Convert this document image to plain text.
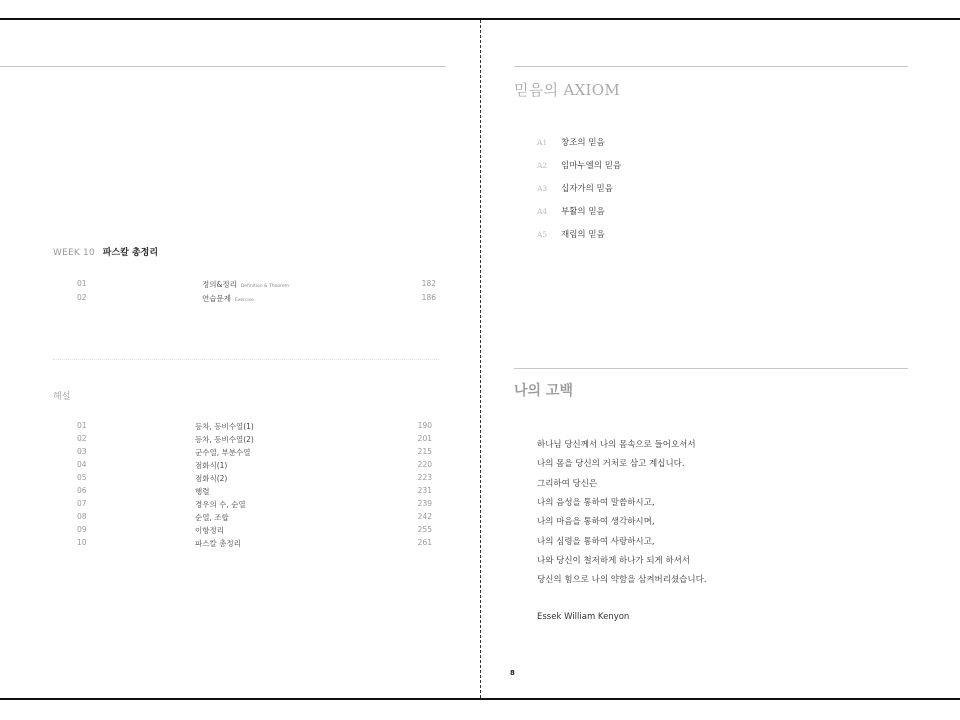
WEEK 10 파스칼 총정리
01	정의&정리 Definition & Theorem	182
02	연습문제 Exercise	186
해설
01	등차, 등비수열(1)	190
02	등차, 등비수열(2)	201
03	군수열, 부분수열	215
04	점화식(1)	220
05	점화식(2)	223
06	행렬	231
07	경우의 수, 순열	239
08	순열, 조합	242
09	이항정리	255
10	파스칼 총정리	261
믿음의 AXIOM
A1 창조의 믿음
A2 임마누엘의 믿음
A3 십자가의 믿음
A4 부활의 믿음
A5 재림의 믿음
나의 고백
하나님 당신께서 나의 몸속으로 들어오셔서
나의 몸을 당신의 거처로 삼고 계십니다.
그리하여 당신은
나의 음성을 통하여 말씀하시고,
나의 마음을 통하여 생각하시며,
나의 심령을 통하여 사랑하시고,
나와 당신이 철저하게 하나가 되게 하셔서
당신의 힘으로 나의 약함을 삼켜버리셨습니다.
Essek William Kenyon
8
